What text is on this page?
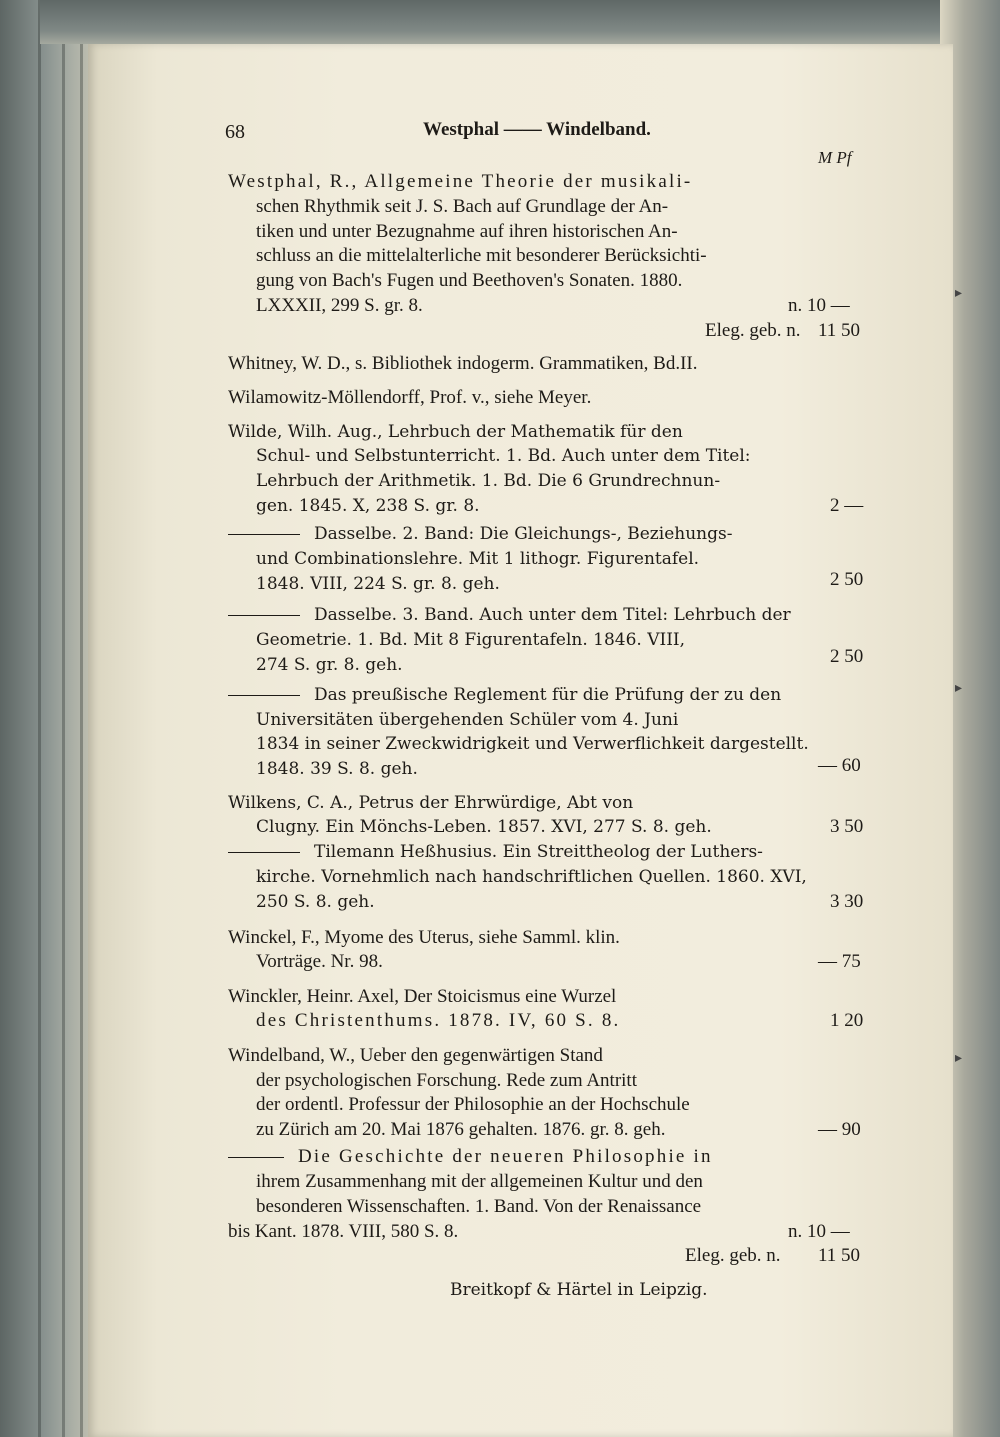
68	Westphal —— Windelband.
M Pf
Westphal, R., Allgemeine Theorie der musikali-
schen Rhythmik seit J. S. Bach auf Grundlage der An-
tiken und unter Bezugnahme auf ihren historischen An-
schluss an die mittelalterliche mit besonderer Berücksichti-
gung von Bach's Fugen und Beethoven's Sonaten. 1880.
LXXXII, 299 S. gr. 8.	n. 10 —
Eleg. geb. n. 11 50
Whitney, W. D., s. Bibliothek indogerm. Grammatiken, Bd.II.
Wilamowitz-Möllendorff, Prof. v., siehe Meyer.
Wilde, Wilh. Aug., Lehrbuch der Mathematik für den
Schul- und Selbstunterricht. 1. Bd. Auch unter dem Titel:
Lehrbuch der Arithmetik. 1. Bd. Die 6 Grundrechnun-
gen. 1845. X, 238 S. gr. 8.	2 —
Dasselbe. 2. Band: Die Gleichungs-, Beziehungs-
und Combinationslehre. Mit 1 lithogr. Figurentafel.
1848. VIII, 224 S. gr. 8. geh.	2 50
Dasselbe. 3. Band. Auch unter dem Titel: Lehrbuch der
Geometrie. 1. Bd. Mit 8 Figurentafeln. 1846. VIII,
274 S. gr. 8. geh.	2 50
Das preußische Reglement für die Prüfung der zu den
Universitäten übergehenden Schüler vom 4. Juni
1834 in seiner Zweckwidrigkeit und Verwerflichkeit dargestellt.
1848. 39 S. 8. geh.	— 60
Wilkens, C. A., Petrus der Ehrwürdige, Abt von
Clugny. Ein Mönchs-Leben. 1857. XVI, 277 S. 8. geh.	3 50
Tilemann Heßhusius. Ein Streittheolog der Luthers-
kirche. Vornehmlich nach handschriftlichen Quellen. 1860. XVI,
250 S. 8. geh.	3 30
Winckel, F., Myome des Uterus, siehe Samml. klin.
Vorträge. Nr. 98.	— 75
Winckler, Heinr. Axel, Der Stoicismus eine Wurzel
des Christenthums. 1878. IV, 60 S. 8.	1 20
Windelband, W., Ueber den gegenwärtigen Stand
der psychologischen Forschung. Rede zum Antritt
der ordentl. Professur der Philosophie an der Hochschule
zu Zürich am 20. Mai 1876 gehalten. 1876. gr. 8. geh.	— 90
Die Geschichte der neueren Philosophie in
ihrem Zusammenhang mit der allgemeinen Kultur und den
besonderen Wissenschaften. 1. Band. Von der Renaissance
bis Kant. 1878. VIII, 580 S. 8.	n. 10 —
Eleg. geb. n. 11 50
Breitkopf & Härtel in Leipzig.
▸
▸
▸
